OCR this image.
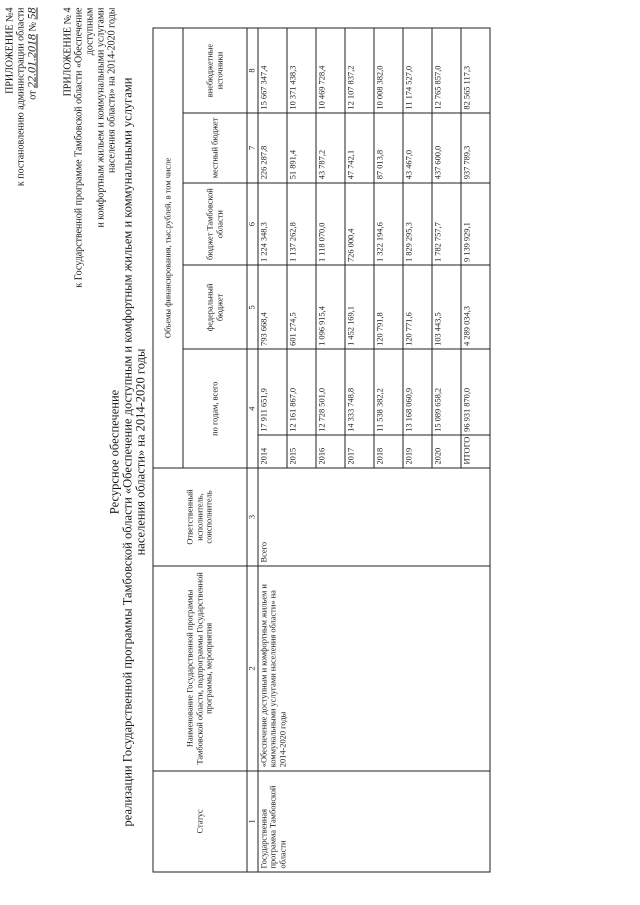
ПРИЛОЖЕНИЕ №4 к постановлению администрации области от 22.01.2018 № 58 ПРИЛОЖЕНИЕ № 4 к Государственной программе Тамбовской области «Обеспечение доступным и комфортным жильем и коммунальными услугами населения области» на 2014-2020 годы
Ресурсное обеспечение реализации Государственной программы Тамбовской области «Обеспечение доступным и комфортным жильем и коммунальными услугами населения области» на 2014-2020 годы
Статус	Наименование Государственной программы Тамбовской области, подпрограммы Государственной программы, мероприятия	Ответственный исполнитель, соисполнитель	Объемы финансирования, тыс.рублей, в том числе					
			по годам, всего		федеральный бюджет	бюджет Тамбовской области	местный бюджет	внебюджетные источники
1	2	3	4		5	6	7	8
Государственная программа Тамбовской области	«Обеспечение доступным и комфортным жильем и коммунальными услугами населения области» на 2014-2020 годы	Всего	2014	17 911 651,9	793 668,4	1 224 348,3	226 287,8	15 667 347,4
			2015	12 161 867,0	601 274,5	1 137 262,8	51 891,4	10 371 438,3
			2016	12 728 501,0	1 096 915,4	1 118 070,0	43 787,2	10 469 728,4
			2017	14 333 748,8	1 452 169,1	726 000,4	47 742,1	12 107 837,2
			2018	11 538 382,2	120 791,8	1 322 194,6	87 013,8	10 008 382,0
			2019	13 168 060,9	120 771,6	1 829 295,3	43 467,0	11 174 527,0
			2020	15 089 658,2	103 443,5	1 782 757,7	437 600,0	12 765 857,0
			ИТОГО	96 931 870,0	4 289 034,3	9 139 929,1	937 789,3	82 565 117,3
